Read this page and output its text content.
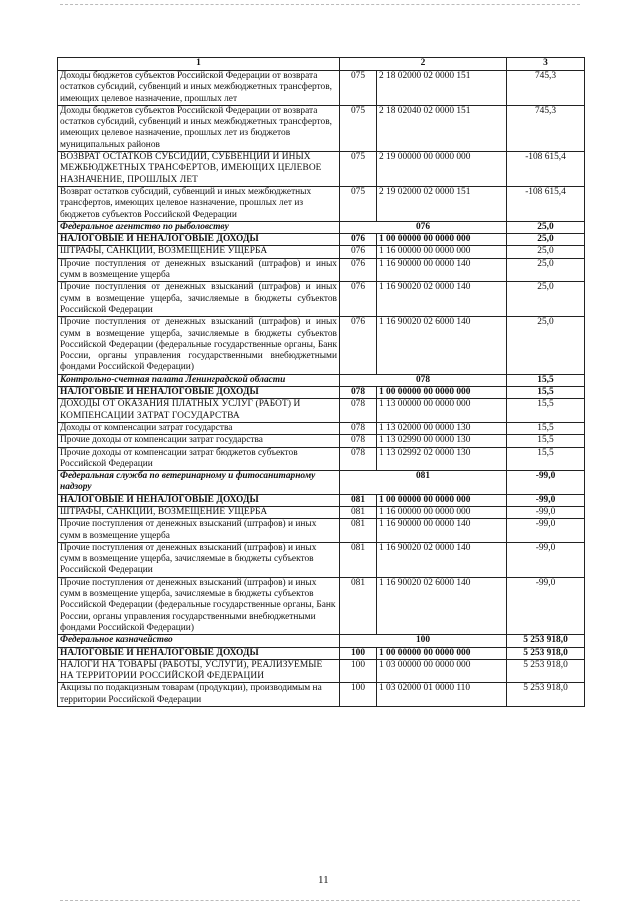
1	2		3
Доходы бюджетов субъектов Российской Федерации от возврата остатков субсидий, субвенций и иных межбюджетных трансфертов, имеющих целевое назначение, прошлых лет	075	2 18 02000 02 0000 151	745,3
Доходы бюджетов субъектов Российской Федерации от возврата остатков субсидий, субвенций и иных межбюджетных трансфертов, имеющих целевое назначение, прошлых лет из бюджетов муниципальных районов	075	2 18 02040 02 0000 151	745,3
ВОЗВРАТ ОСТАТКОВ СУБСИДИЙ, СУБВЕНЦИЙ И ИНЫХ МЕЖБЮДЖЕТНЫХ ТРАНСФЕРТОВ, ИМЕЮЩИХ ЦЕЛЕВОЕ НАЗНАЧЕНИЕ, ПРОШЛЫХ ЛЕТ	075	2 19 00000 00 0000 000	-108 615,4
Возврат остатков субсидий, субвенций и иных межбюджетных трансфертов, имеющих целевое назначение, прошлых лет из бюджетов субъектов Российской Федерации	075	2 19 02000 02 0000 151	-108 615,4
Федеральное агентство по рыболовству	076		25,0
НАЛОГОВЫЕ И НЕНАЛОГОВЫЕ ДОХОДЫ	076	1 00 00000 00 0000 000	25,0
ШТРАФЫ, САНКЦИИ, ВОЗМЕЩЕНИЕ УЩЕРБА	076	1 16 00000 00 0000 000	25,0
Прочие поступления от денежных взысканий (штрафов) и иных сумм в возмещение ущерба	076	1 16 90000 00 0000 140	25,0
Прочие поступления от денежных взысканий (штрафов) и иных сумм в возмещение ущерба, зачисляемые в бюджеты субъектов Российской Федерации	076	1 16 90020 02 0000 140	25,0
Прочие поступления от денежных взысканий (штрафов) и иных сумм в возмещение ущерба, зачисляемые в бюджеты субъектов Российской Федерации (федеральные государственные органы, Банк России, органы управления государственными внебюджетными фондами Российской Федерации)	076	1 16 90020 02 6000 140	25,0
Контрольно-счетная палата Ленинградской области	078		15,5
НАЛОГОВЫЕ И НЕНАЛОГОВЫЕ ДОХОДЫ	078	1 00 00000 00 0000 000	15,5
ДОХОДЫ ОТ ОКАЗАНИЯ ПЛАТНЫХ УСЛУГ (РАБОТ) И КОМПЕНСАЦИИ ЗАТРАТ ГОСУДАРСТВА	078	1 13 00000 00 0000 000	15,5
Доходы от компенсации затрат государства	078	1 13 02000 00 0000 130	15,5
Прочие доходы от компенсации затрат государства	078	1 13 02990 00 0000 130	15,5
Прочие доходы от компенсации затрат бюджетов субъектов Российской Федерации	078	1 13 02992 02 0000 130	15,5
Федеральная служба по ветеринарному и фитосанитарному надзору	081		-99,0
НАЛОГОВЫЕ И НЕНАЛОГОВЫЕ ДОХОДЫ	081	1 00 00000 00 0000 000	-99,0
ШТРАФЫ, САНКЦИИ, ВОЗМЕЩЕНИЕ УЩЕРБА	081	1 16 00000 00 0000 000	-99,0
Прочие поступления от денежных взысканий (штрафов) и иных сумм в возмещение ущерба	081	1 16 90000 00 0000 140	-99,0
Прочие поступления от денежных взысканий (штрафов) и иных сумм в возмещение ущерба, зачисляемые в бюджеты субъектов Российской Федерации	081	1 16 90020 02 0000 140	-99,0
Прочие поступления от денежных взысканий (штрафов) и иных сумм в возмещение ущерба, зачисляемые в бюджеты субъектов Российской Федерации (федеральные государственные органы, Банк России, органы управления государственными внебюджетными фондами Российской Федерации)	081	1 16 90020 02 6000 140	-99,0
Федеральное казначейство	100		5 253 918,0
НАЛОГОВЫЕ И НЕНАЛОГОВЫЕ ДОХОДЫ	100	1 00 00000 00 0000 000	5 253 918,0
НАЛОГИ НА ТОВАРЫ (РАБОТЫ, УСЛУГИ), РЕАЛИЗУЕМЫЕ НА ТЕРРИТОРИИ РОССИЙСКОЙ ФЕДЕРАЦИИ	100	1 03 00000 00 0000 000	5 253 918,0
Акцизы по подакцизным товарам (продукции), производимым на территории Российской Федерации	100	1 03 02000 01 0000 110	5 253 918,0
11
